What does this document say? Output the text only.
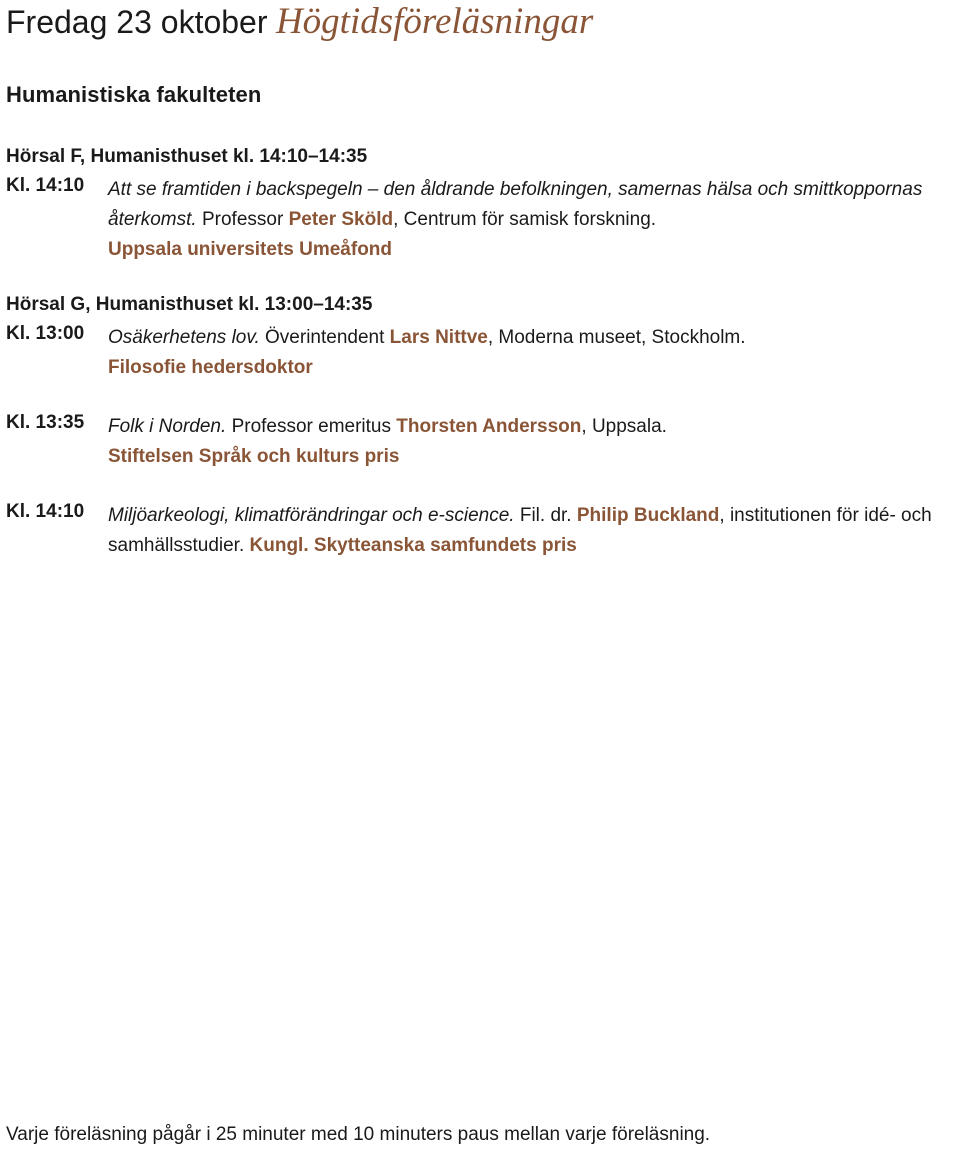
Fredag 23 oktober Högtidsföreläsningar
Humanistiska fakulteten
Hörsal F, Humanisthuset kl. 14:10–14:35
Kl. 14:10 Att se framtiden i backspegeln – den åldrande befolkningen, samernas hälsa och smittkoppornas återkomst. Professor Peter Sköld, Centrum för samisk forskning.
Uppsala universitets Umeåfond
Hörsal G, Humanisthuset kl. 13:00–14:35
Kl. 13:00 Osäkerhetens lov. Överintendent Lars Nittve, Moderna museet, Stockholm.
Filosofie hedersdoktor
Kl. 13:35 Folk i Norden. Professor emeritus Thorsten Andersson, Uppsala.
Stiftelsen Språk och kulturs pris
Kl. 14:10 Miljöarkeologi, klimatförändringar och e-science. Fil. dr. Philip Buckland, institutionen för idé- och samhällsstudier. Kungl. Skytteanska samfundets pris
Varje föreläsning pågår i 25 minuter med 10 minuters paus mellan varje föreläsning.
